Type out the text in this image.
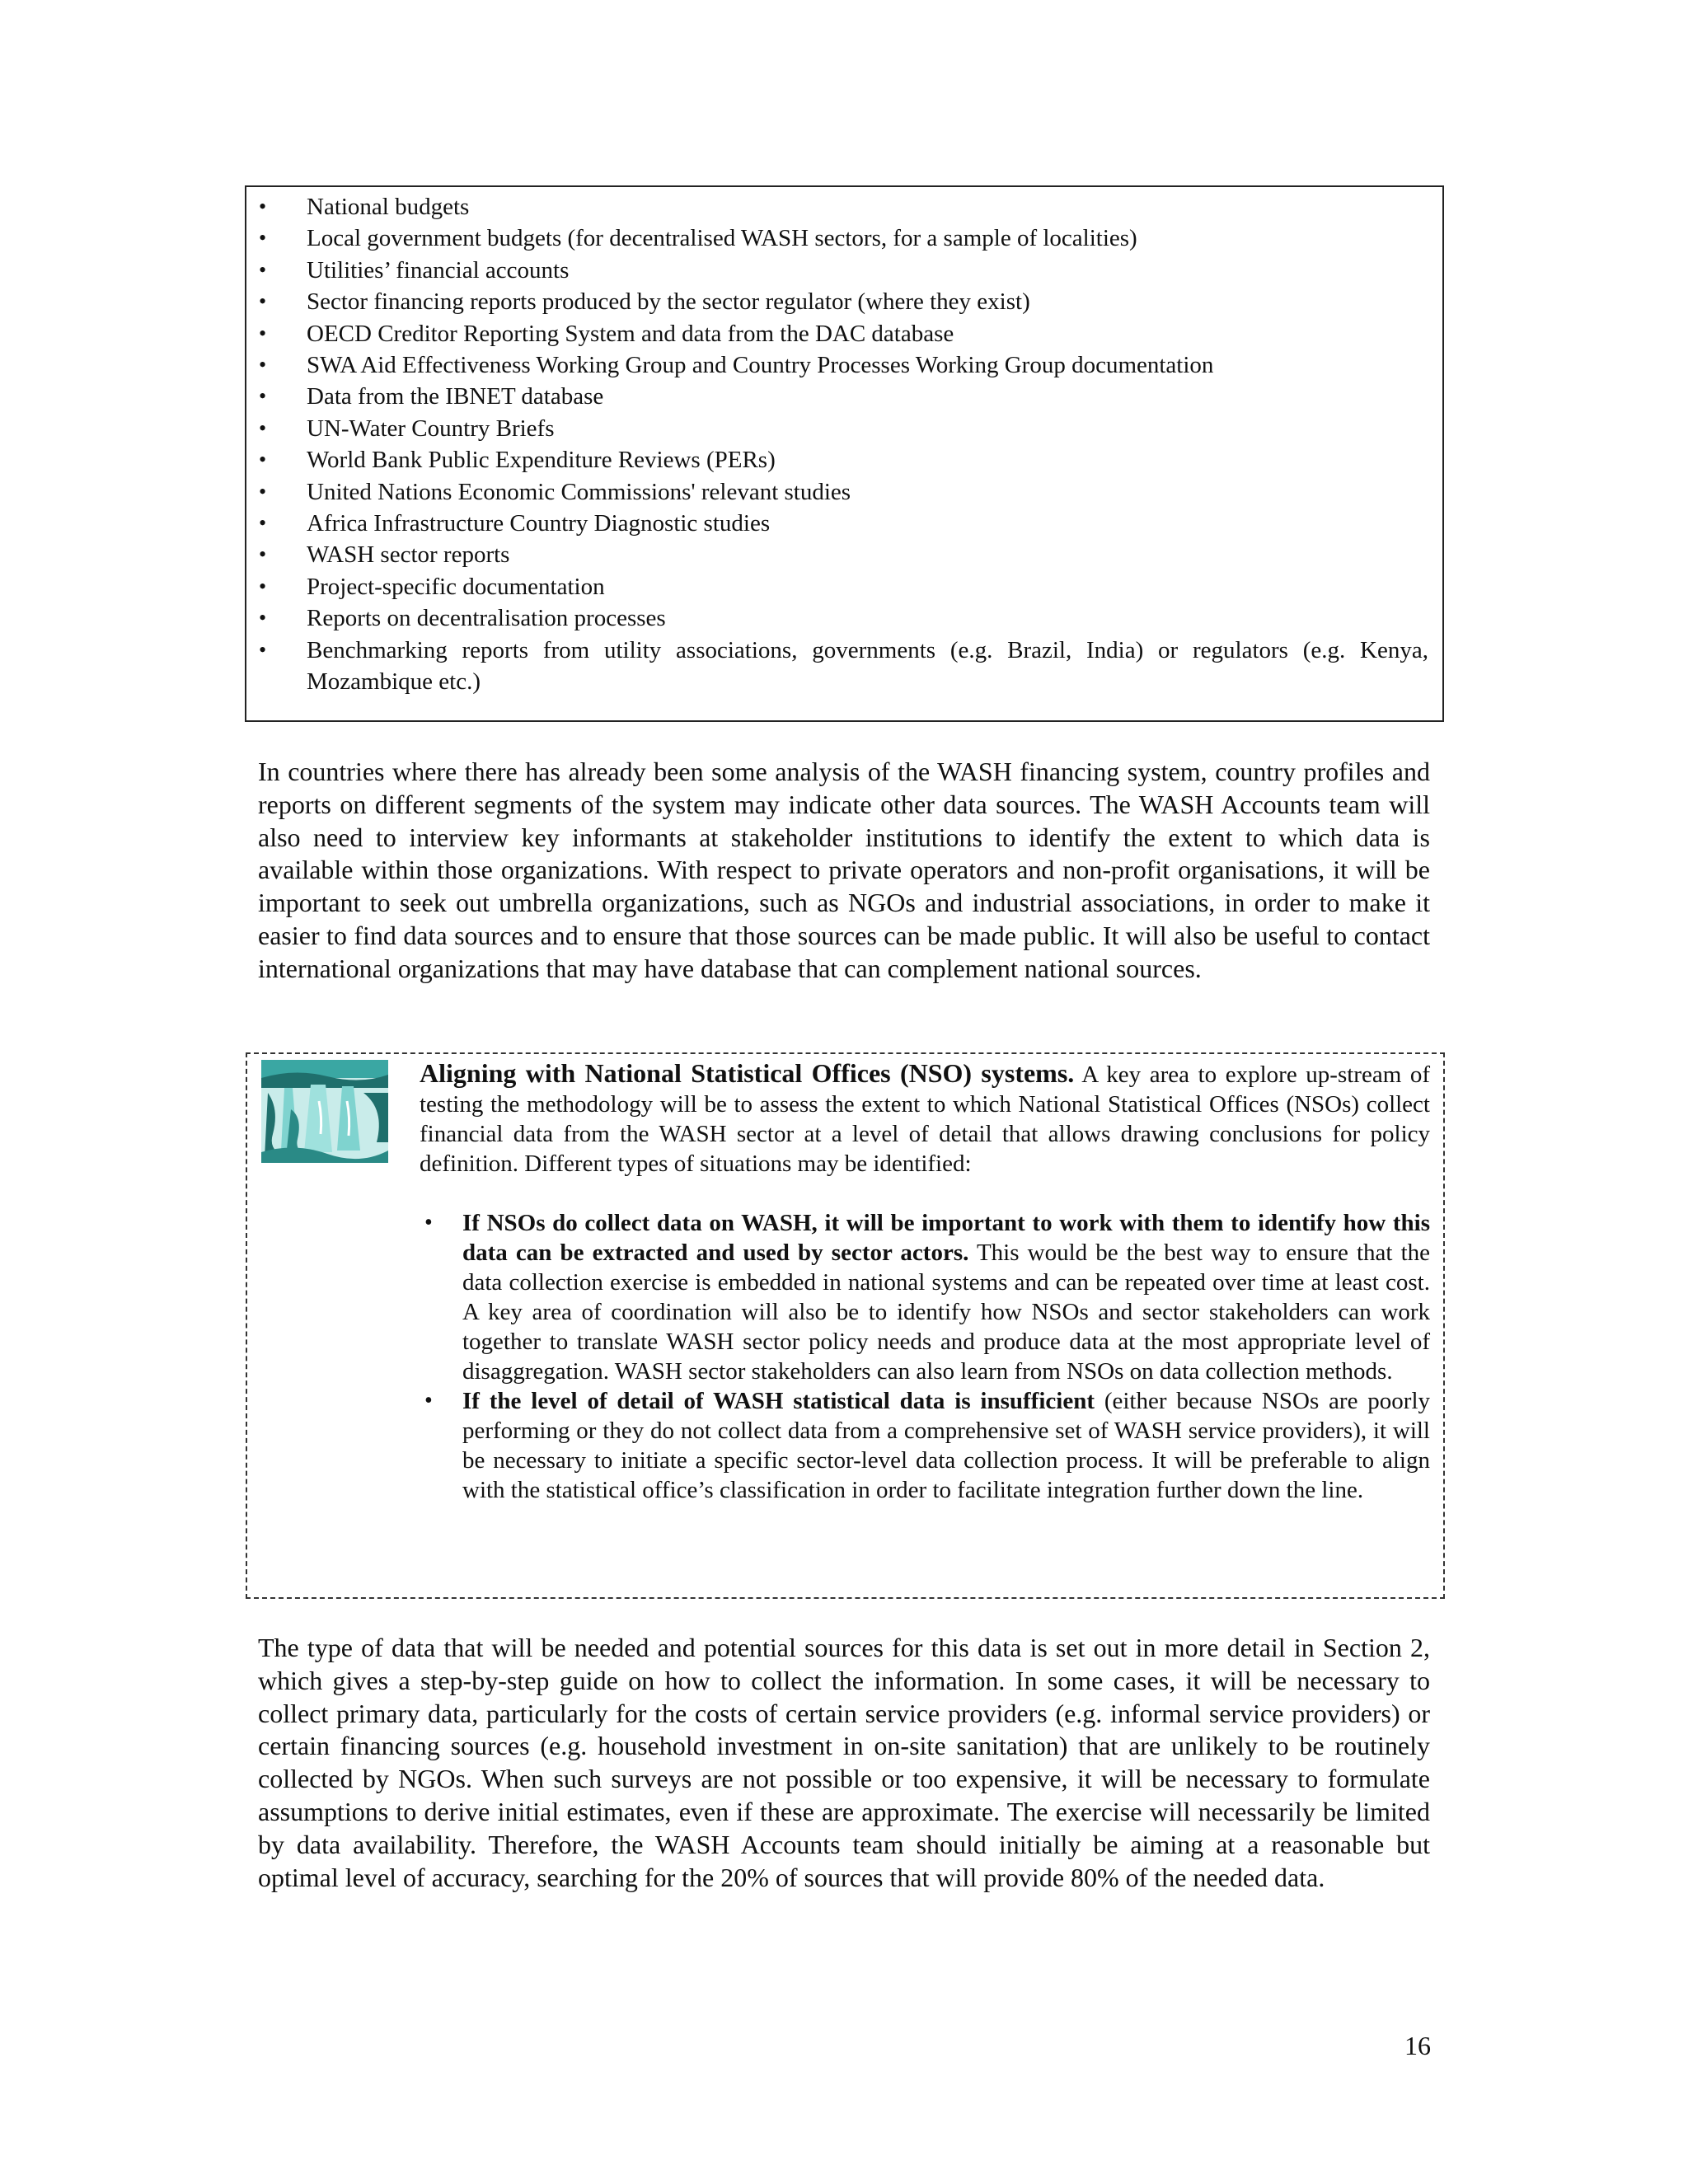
• National budgets
• Local government budgets (for decentralised WASH sectors, for a sample of localities)
• Utilities’ financial accounts
• Sector financing reports produced by the sector regulator (where they exist)
• OECD Creditor Reporting System and data from the DAC database
• SWA Aid Effectiveness Working Group and Country Processes Working Group documentation
• Data from the IBNET database
• UN-Water Country Briefs
• World Bank Public Expenditure Reviews (PERs)
• United Nations Economic Commissions' relevant studies
• Africa Infrastructure Country Diagnostic studies
• WASH sector reports
• Project-specific documentation
• Reports on decentralisation processes
• Benchmarking reports from utility associations, governments (e.g. Brazil, India) or regulators (e.g. Kenya, Mozambique etc.)

In countries where there has already been some analysis of the WASH financing system, country profiles and reports on different segments of the system may indicate other data sources. The WASH Accounts team will also need to interview key informants at stakeholder institutions to identify the extent to which data is available within those organizations. With respect to private operators and non-profit organisations, it will be important to seek out umbrella organizations, such as NGOs and industrial associations, in order to make it easier to find data sources and to ensure that those sources can be made public. It will also be useful to contact international organizations that may have database that can complement national sources.

Aligning with National Statistical Offices (NSO) systems. A key area to explore up-stream of testing the methodology will be to assess the extent to which National Statistical Offices (NSOs) collect financial data from the WASH sector at a level of detail that allows drawing conclusions for policy definition. Different types of situations may be identified:

• If NSOs do collect data on WASH, it will be important to work with them to identify how this data can be extracted and used by sector actors. This would be the best way to ensure that the data collection exercise is embedded in national systems and can be repeated over time at least cost. A key area of coordination will also be to identify how NSOs and sector stakeholders can work together to translate WASH sector policy needs and produce data at the most appropriate level of disaggregation. WASH sector stakeholders can also learn from NSOs on data collection methods.
• If the level of detail of WASH statistical data is insufficient (either because NSOs are poorly performing or they do not collect data from a comprehensive set of WASH service providers), it will be necessary to initiate a specific sector-level data collection process. It will be preferable to align with the statistical office’s classification in order to facilitate integration further down the line.

The type of data that will be needed and potential sources for this data is set out in more detail in Section 2, which gives a step-by-step guide on how to collect the information. In some cases, it will be necessary to collect primary data, particularly for the costs of certain service providers (e.g. informal service providers) or certain financing sources (e.g. household investment in on-site sanitation) that are unlikely to be routinely collected by NGOs. When such surveys are not possible or too expensive, it will be necessary to formulate assumptions to derive initial estimates, even if these are approximate. The exercise will necessarily be limited by data availability. Therefore, the WASH Accounts team should initially be aiming at a reasonable but optimal level of accuracy, searching for the 20% of sources that will provide 80% of the needed data.

16
